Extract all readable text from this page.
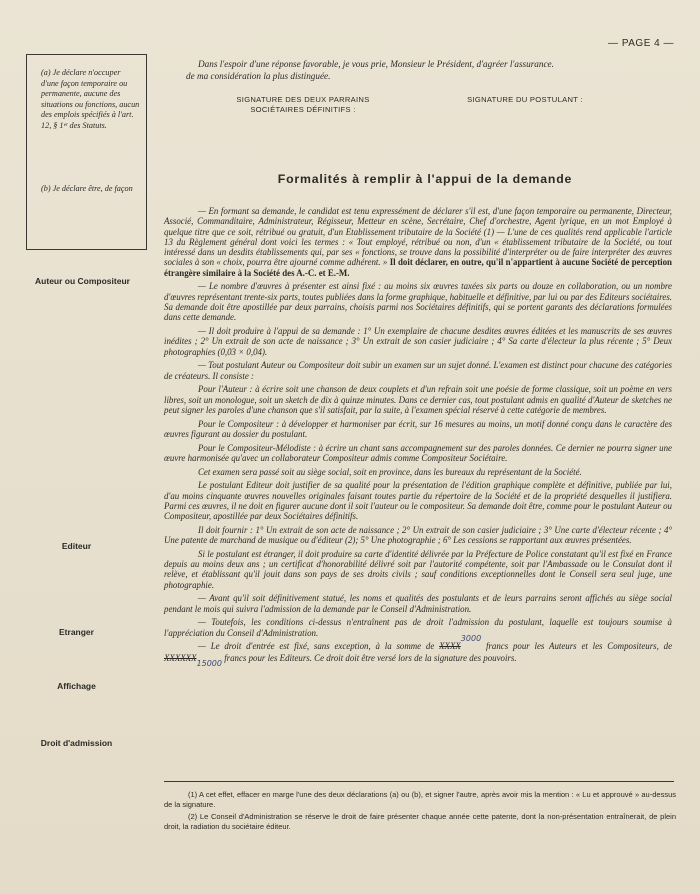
— PAGE 4 —

(a) Je déclare n'occuper d'une façon temporaire ou permanente, aucune des situations ou fonctions, aucun des emplois spécifiés à l'art. 12, § 1ᵉʳ des Statuts.

(b) Je déclare être, de façon

Auteur ou Compositeur
Editeur
Etranger
Affichage
Droit d'admission

Dans l'espoir d'une réponse favorable, je vous prie, Monsieur le Président, d'agréer l'assurance.

de ma considération la plus distinguée.

SIGNATURE DES DEUX PARRAINS
SOCIÉTAIRES DÉFINITIFS :
SIGNATURE DU POSTULANT :
Formalités à remplir à l'appui de la demande

— En formant sa demande, le candidat est tenu expressément de déclarer s'il est, d'une façon temporaire ou permanente, Directeur, Associé, Commanditaire, Administrateur, Régisseur, Metteur en scène, Secrétaire, Chef d'orchestre, Agent lyrique, en un mot Employé à quelque titre que ce soit, rétribué ou gratuit, d'un Etablissement tributaire de la Société (1) — L'une de ces qualités rend applicable l'article 13 du Règlement général dont voici les termes : « Tout employé, rétribué ou non, d'un « établissement tributaire de la Société, ou tout intéressé dans un desdits établissements qui, par ses « fonctions, se trouve dans la possibilité d'interpréter ou de faire interpréter des œuvres sociales à son « choix, pourra être ajourné comme adhérent. » Il doit déclarer, en outre, qu'il n'appartient à aucune Société de perception étrangère similaire à la Société des A.-C. et E.-M.

— Le nombre d'œuvres à présenter est ainsi fixé : au moins six œuvres taxées six parts ou douze en collaboration, ou un nombre d'œuvres représentant trente-six parts, toutes publiées dans la forme graphique, habituelle et définitive, par lui ou par des Editeurs sociétaires. Sa demande doit être apostillée par deux parrains, choisis parmi nos Sociétaires définitifs, qui se portent garants des déclarations formulées dans cette demande.

— Il doit produire à l'appui de sa demande : 1° Un exemplaire de chacune desdites œuvres éditées et les manuscrits de ses œuvres inédites ; 2° Un extrait de son acte de naissance ; 3° Un extrait de son casier judiciaire ; 4° Sa carte d'électeur la plus récente ; 5° Deux photographies (0,03 × 0,04).

— Tout postulant Auteur ou Compositeur doit subir un examen sur un sujet donné. L'examen est distinct pour chacune des catégories de créateurs. Il consiste :

Pour l'Auteur : à écrire soit une chanson de deux couplets et d'un refrain soit une poésie de forme classique, soit un poème en vers libres, soit un monologue, soit un sketch de dix à quinze minutes. Dans ce dernier cas, tout postulant admis en qualité d'Auteur de sketches ne peut signer les paroles d'une chanson que s'il satisfait, par la suite, à l'examen spécial réservé à cette catégorie de membres.

Pour le Compositeur : à développer et harmoniser par écrit, sur 16 mesures au moins, un motif donné conçu dans le caractère des œuvres figurant au dossier du postulant.

Pour le Compositeur-Mélodiste : à écrire un chant sans accompagnement sur des paroles données. Ce dernier ne pourra signer une œuvre harmonisée qu'avec un collaborateur Compositeur admis comme Compositeur Sociétaire.

Cet examen sera passé soit au siège social, soit en province, dans les bureaux du représentant de la Société.

Le postulant Editeur doit justifier de sa qualité pour la présentation de l'édition graphique complète et définitive, publiée par lui, d'au moins cinquante œuvres nouvelles originales faisant toutes partie du répertoire de la Société et de la propriété desquelles il justifiera. Parmi ces œuvres, il ne doit en figurer aucune dont il soit l'auteur ou le compositeur. Sa demande doit être, comme pour le postulant Auteur ou Compositeur, apostillée par deux Sociétaires définitifs.

Il doit fournir : 1° Un extrait de son acte de naissance ; 2° Un extrait de son casier judiciaire ; 3° Une carte d'électeur récente ; 4° Une patente de marchand de musique ou d'éditeur (2); 5° Une photographie ; 6° Les cessions se rapportant aux œuvres présentées.

Si le postulant est étranger, il doit produire sa carte d'identité délivrée par la Préfecture de Police constatant qu'il est fixé en France depuis au moins deux ans ; un certificat d'honorabilité délivré soit par l'autorité compétente, soit par l'Ambassade ou le Consulat dont il relève, et établissant qu'il jouit dans son pays de ses droits civils ; sauf conditions exceptionnelles dont le Conseil sera seul juge, une photographie.

— Avant qu'il soit définitivement statué, les noms et qualités des postulants et de leurs parrains seront affichés au siège social pendant le mois qui suivra l'admission de la demande par le Conseil d'Administration.

— Toutefois, les conditions ci-dessus n'entraînent pas de droit l'admission du postulant, laquelle est toujours soumise à l'appréciation du Conseil d'Administration.

— Le droit d'entrée est fixé, sans exception, à la somme de XXXX3000 francs pour les Auteurs et les Compositeurs, de XXXXXX15000 francs pour les Editeurs. Ce droit doit être versé lors de la signature des pouvoirs.

(1) A cet effet, effacer en marge l'une des deux déclarations (a) ou (b), et signer l'autre, après avoir mis la mention : « Lu et approuvé » au-dessus de la signature.

(2) Le Conseil d'Administration se réserve le droit de faire présenter chaque année cette patente, dont la non-présentation entraînerait, de plein droit, la radiation du sociétaire éditeur.
